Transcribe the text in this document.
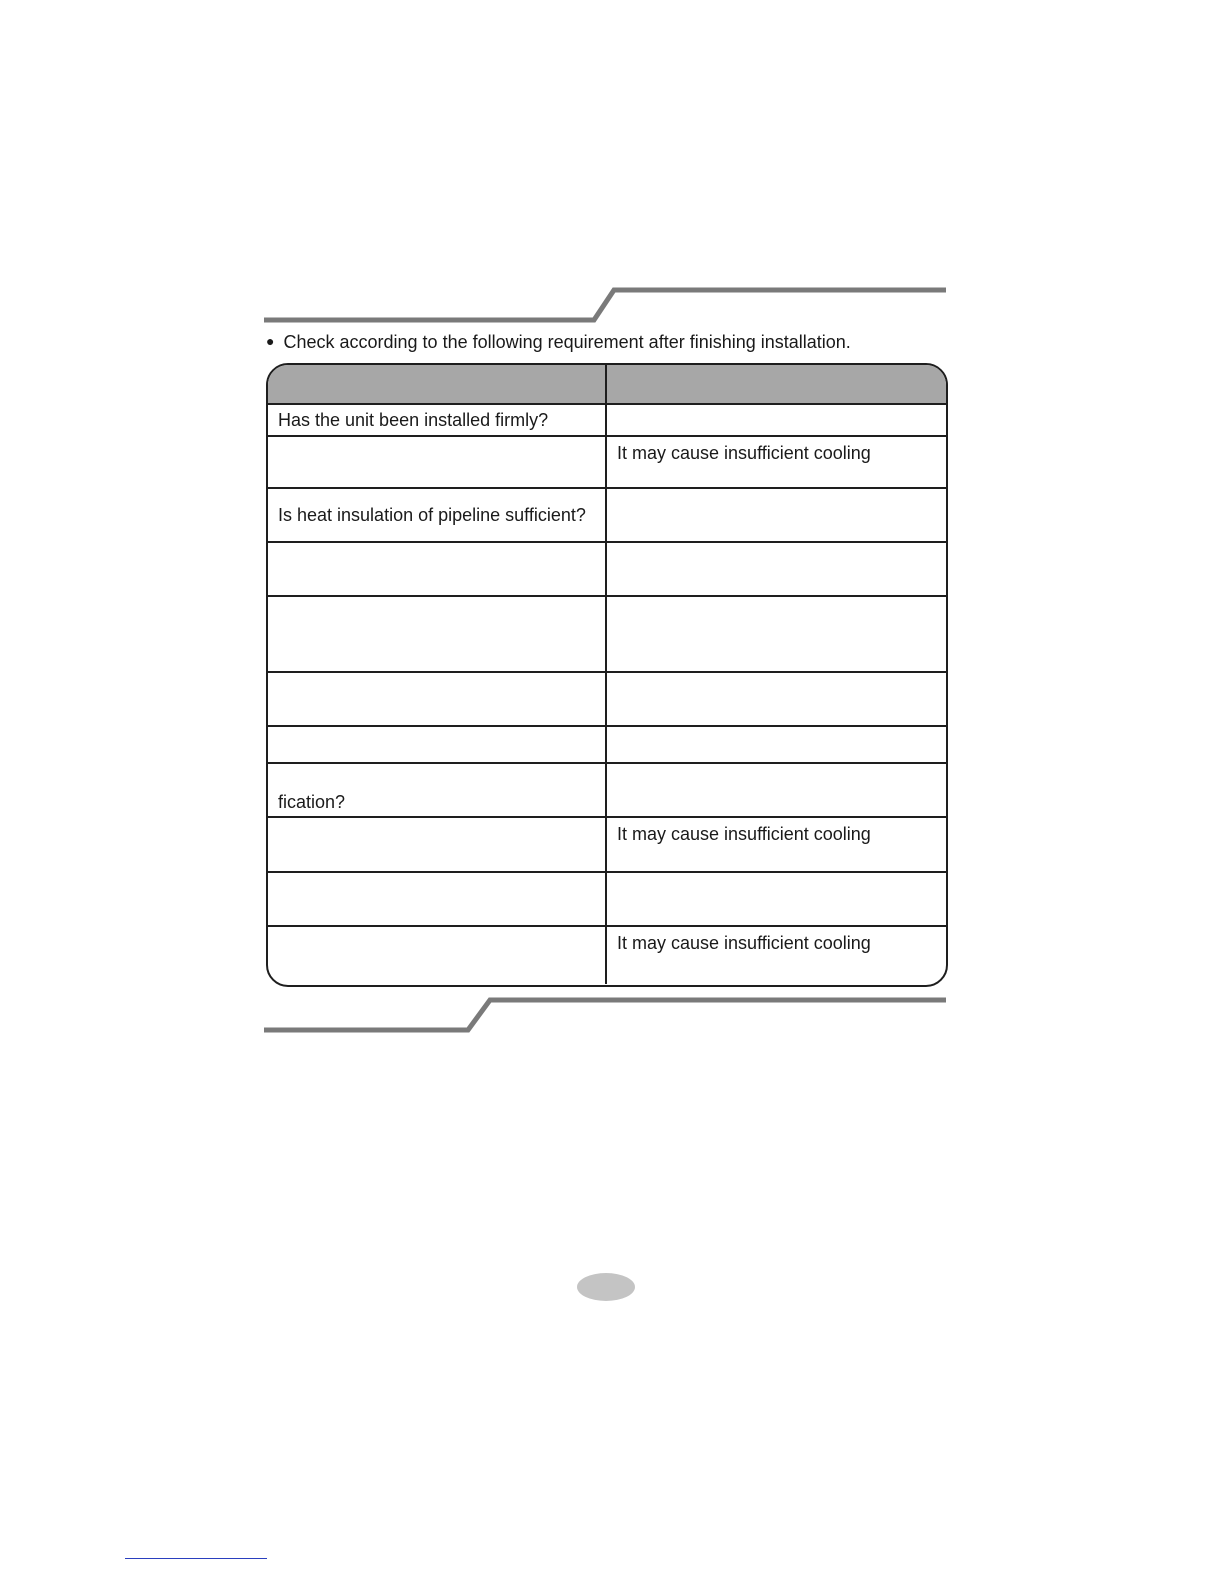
● Check according to the following requirement after finishing installation.

Has the unit been installed firmly?	
	It may cause insufficient cooling
Is heat insulation of pipeline sufficient?	

fication?	
	It may cause insufficient cooling

	It may cause insufficient cooling
